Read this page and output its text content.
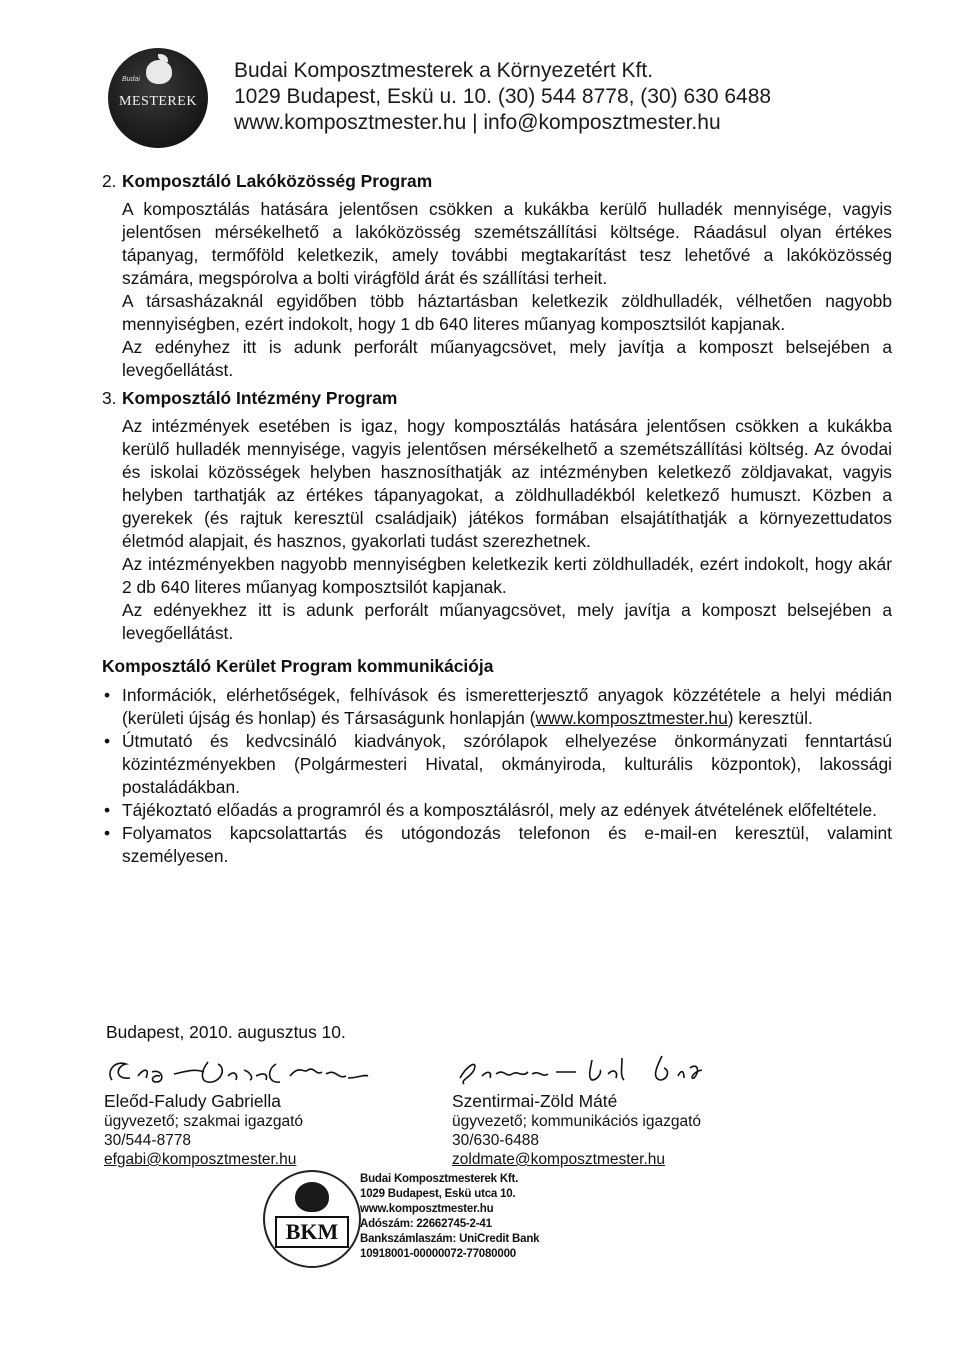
Budai
MESTEREK
Budai Komposztmesterek a Környezetért Kft.
1029 Budapest, Eskü u. 10. (30) 544 8778, (30) 630 6488
www.komposztmester.hu | info@komposztmester.hu
2. Komposztáló Lakóközösség Program

A komposztálás hatására jelentősen csökken a kukákba kerülő hulladék mennyisége, vagyis jelentősen mérsékelhető a lakóközösség szemétszállítási költsége. Ráadásul olyan értékes tápanyag, termőföld keletkezik, amely további megtakarítást tesz lehetővé a lakóközösség számára, megspórolva a bolti virágföld árát és szállítási terheit.

A társasházaknál egyidőben több háztartásban keletkezik zöldhulladék, vélhetően nagyobb mennyiségben, ezért indokolt, hogy 1 db 640 literes műanyag komposztsilót kapjanak.

Az edényhez itt is adunk perforált műanyagcsövet, mely javítja a komposzt belsejében a levegőellátást.

3. Komposztáló Intézmény Program

Az intézmények esetében is igaz, hogy komposztálás hatására jelentősen csökken a kukákba kerülő hulladék mennyisége, vagyis jelentősen mérsékelhető a szemétszállítási költség. Az óvodai és iskolai közösségek helyben hasznosíthatják az intézményben keletkező zöldjavakat, vagyis helyben tarthatják az értékes tápanyagokat, a zöldhulladékból keletkező humuszt. Közben a gyerekek (és rajtuk keresztül családjaik) játékos formában elsajátíthatják a környezettudatos életmód alapjait, és hasznos, gyakorlati tudást szerezhetnek.

Az intézményekben nagyobb mennyiségben keletkezik kerti zöldhulladék, ezért indokolt, hogy akár 2 db 640 literes műanyag komposztsilót kapjanak.

Az edényekhez itt is adunk perforált műanyagcsövet, mely javítja a komposzt belsejében a levegőellátást.

Komposztáló Kerület Program kommunikációja
• Információk, elérhetőségek, felhívások és ismeretterjesztő anyagok közzététele a helyi médián (kerületi újság és honlap) és Társaságunk honlapján (www.komposztmester.hu) keresztül.
• Útmutató és kedvcsináló kiadványok, szórólapok elhelyezése önkormányzati fenntartású közintézményekben (Polgármesteri Hivatal, okmányiroda, kulturális központok), lakossági postaládákban.
• Tájékoztató előadás a programról és a komposztálásról, mely az edények átvételének előfeltétele.
• Folyamatos kapcsolattartás és utógondozás telefonon és e-mail-en keresztül, valamint személyesen.
Budapest, 2010. augusztus 10.
Eleőd-Faludy Gabriella
ügyvezető; szakmai igazgató
30/544-8778
efgabi@komposztmester.hu
Szentirmai-Zöld Máté
ügyvezető; kommunikációs igazgató
30/630-6488
zoldmate@komposztmester.hu
BKM
Budai Komposztmesterek Kft.
1029 Budapest, Eskü utca 10.
www.komposztmester.hu
Adószám: 22662745-2-41
Bankszámlaszám: UniCredit Bank
10918001-00000072-77080000
